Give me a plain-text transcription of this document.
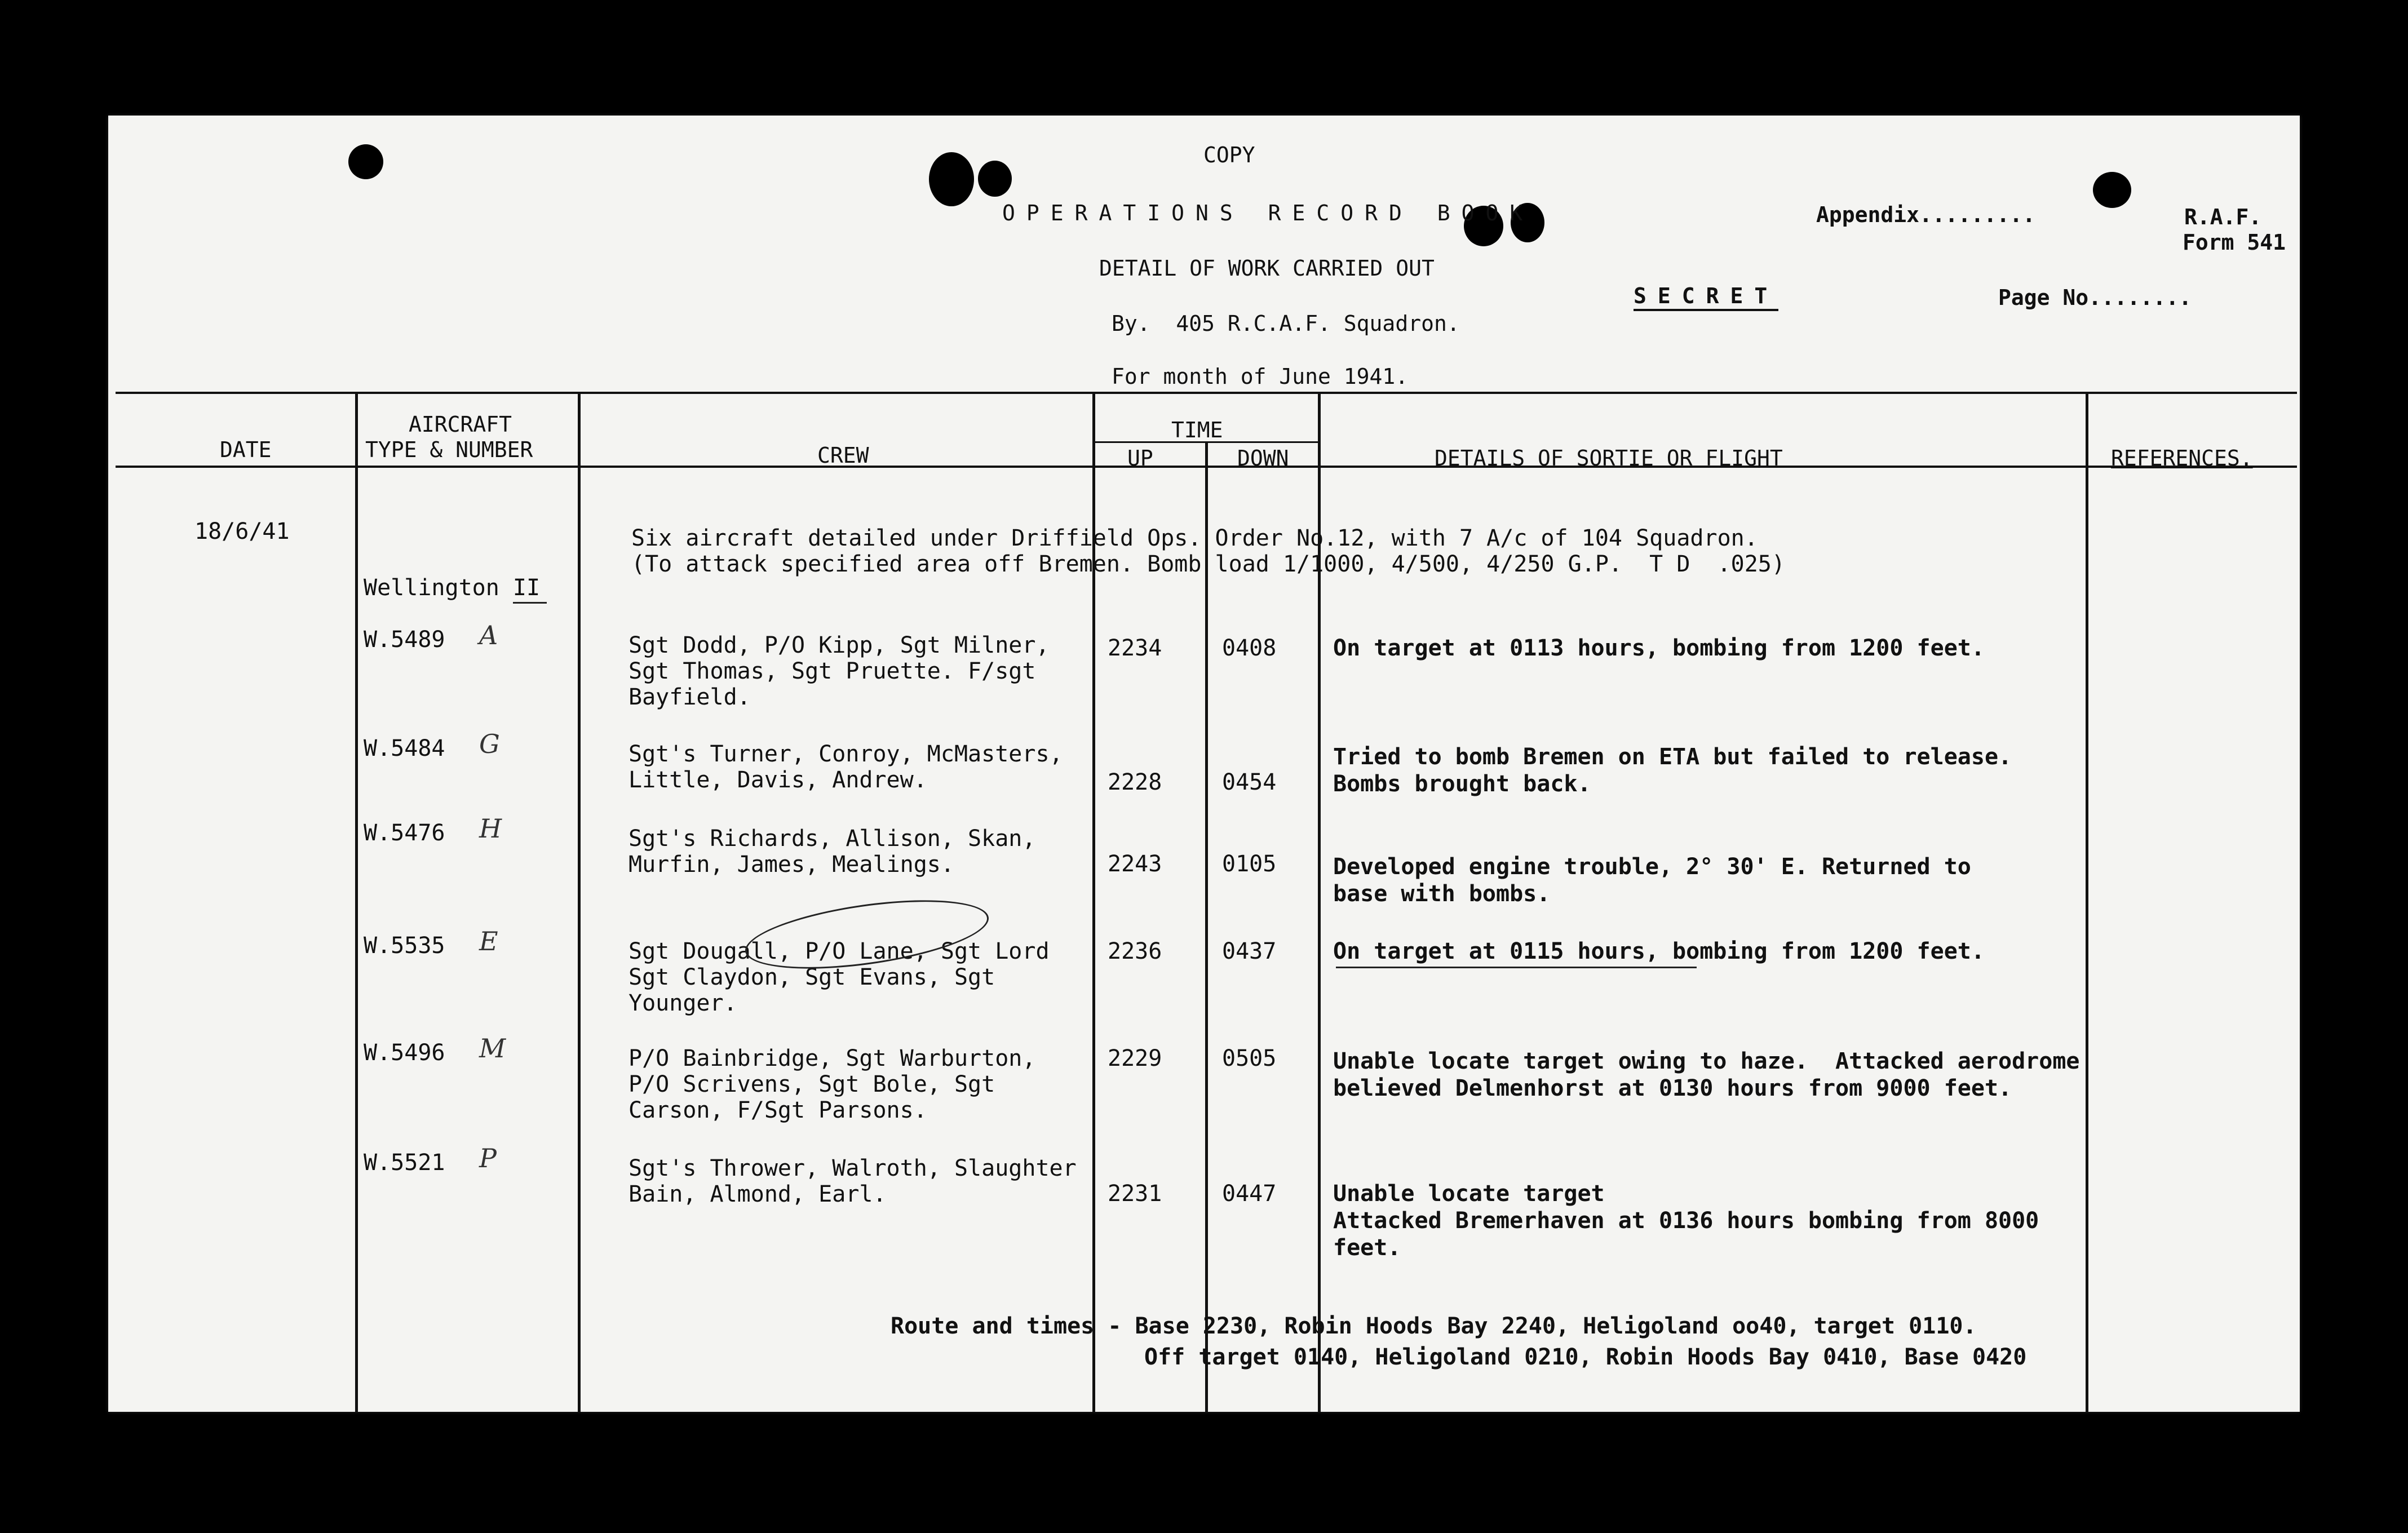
COPY
OPERATIONS RECORD BOOK
DETAIL OF WORK CARRIED OUT
By.  405 R.C.A.F. Squadron.
For month of June 1941.
SECRET
Appendix.........	R.A.F.
Form 541
Page No........
DATE
AIRCRAFT
TYPE & NUMBER	CREW
TIME
UP	DOWN	DETAILS OF SORTIE OR FLIGHT	REFERENCES.
18/6/41
Wellington II
Six aircraft detailed under Driffield Ops. Order No.12, with 7 A/c of 104 Squadron.
(To attack specified area off Bremen. Bomb load 1/1000, 4/500, 4/250 G.P.  T D  .025)
W.5489 A	Sgt Dodd, P/O Kipp, Sgt Milner,
Sgt Thomas, Sgt Pruette. F/sgt
Bayfield.
2234	0408	On target at 0113 hours, bombing from 1200 feet.
W.5484 G	Sgt's Turner, Conroy, McMasters,
Little, Davis, Andrew.	2228	0454
Tried to bomb Bremen on ETA but failed to release.
Bombs brought back.
W.5476 H	Sgt's Richards, Allison, Skan,
Murfin, James, Mealings.	2243	0105	Developed engine trouble, 2° 30' E. Returned to
base with bombs.
W.5535 E	Sgt Dougall, P/O Lane, Sgt Lord
Sgt Claydon, Sgt Evans, Sgt
Younger.
2236	0437	On target at 0115 hours, bombing from 1200 feet.
W.5496 M	P/O Bainbridge, Sgt Warburton,
P/O Scrivens, Sgt Bole, Sgt
Carson, F/Sgt Parsons.
2229	0505	Unable locate target owing to haze.  Attacked aerodrome
believed Delmenhorst at 0130 hours from 9000 feet.
W.5521 P	Sgt's Thrower, Walroth, Slaughter
Bain, Almond, Earl.	2231	0447	Unable locate target
Attacked Bremerhaven at 0136 hours bombing from 8000
feet.
Route and times - Base 2230, Robin Hoods Bay 2240, Heligoland oo40, target 0110.
Off target 0140, Heligoland 0210, Robin Hoods Bay 0410, Base 0420
